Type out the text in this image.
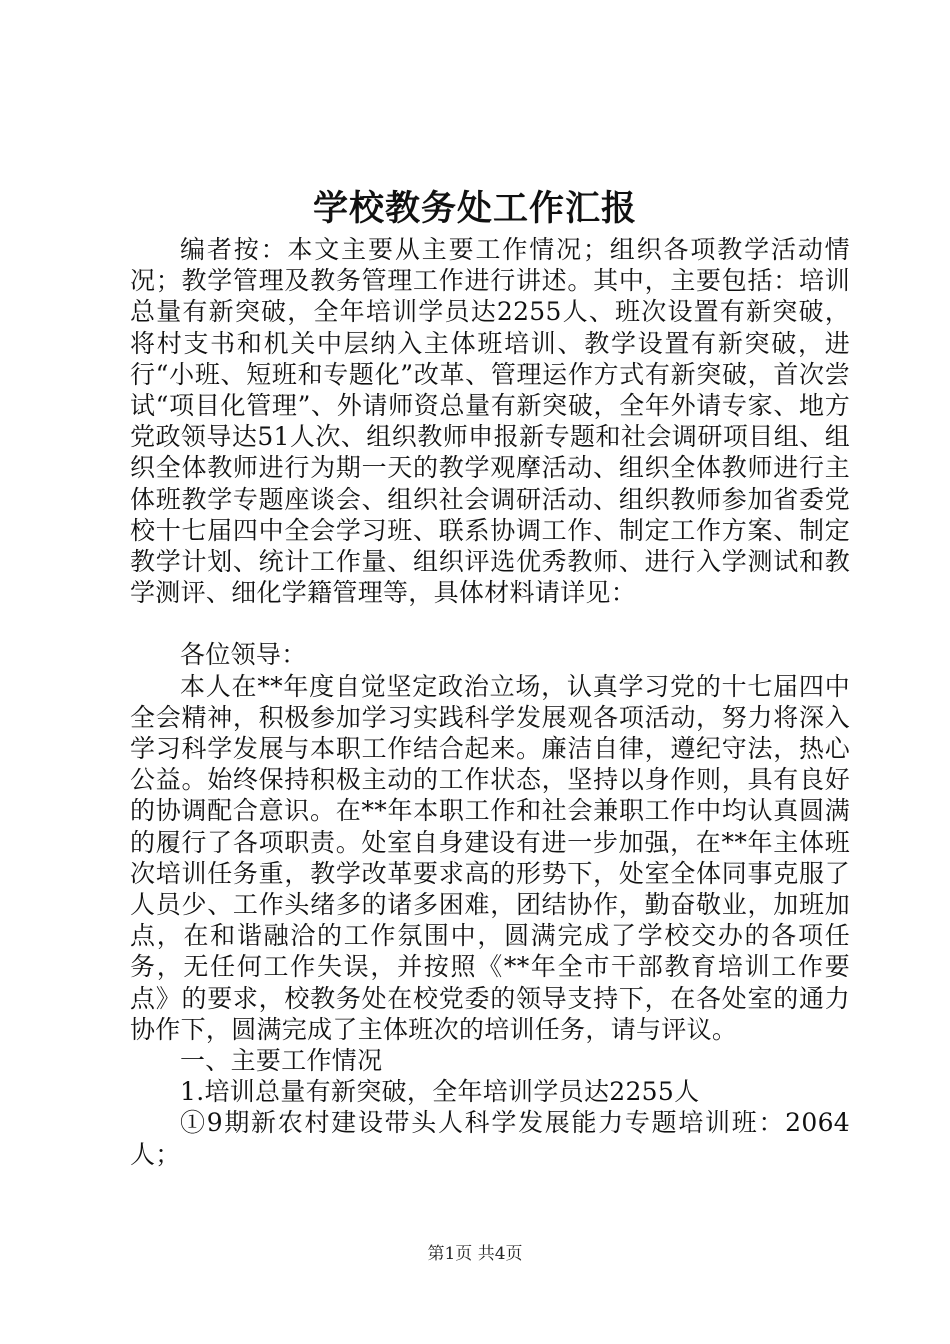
学校教务处工作汇报

编者按：本文主要从主要工作情况；组织各项教学活动情况；教学管理及教务管理工作进行讲述。其中，主要包括：培训总量有新突破，全年培训学员达2255人、班次设置有新突破，将村支书和机关中层纳入主体班培训、教学设置有新突破，进行“小班、短班和专题化”改革、管理运作方式有新突破，首次尝试“项目化管理”、外请师资总量有新突破，全年外请专家、地方党政领导达51人次、组织教师申报新专题和社会调研项目组、组织全体教师进行为期一天的教学观摩活动、组织全体教师进行主体班教学专题座谈会、组织社会调研活动、组织教师参加省委党校十七届四中全会学习班、联系协调工作、制定工作方案、制定教学计划、统计工作量、组织评选优秀教师、进行入学测试和教学测评、细化学籍管理等，具体材料请详见：

各位领导：

本人在**年度自觉坚定政治立场，认真学习党的十七届四中全会精神，积极参加学习实践科学发展观各项活动，努力将深入学习科学发展与本职工作结合起来。廉洁自律，遵纪守法，热心公益。始终保持积极主动的工作状态，坚持以身作则，具有良好的协调配合意识。在**年本职工作和社会兼职工作中均认真圆满的履行了各项职责。处室自身建设有进一步加强，在**年主体班次培训任务重，教学改革要求高的形势下，处室全体同事克服了人员少、工作头绪多的诸多困难，团结协作，勤奋敬业，加班加点，在和谐融洽的工作氛围中，圆满完成了学校交办的各项任务，无任何工作失误，并按照《**年全市干部教育培训工作要点》的要求，校教务处在校党委的领导支持下，在各处室的通力协作下，圆满完成了主体班次的培训任务，请与评议。

一、主要工作情况

1.培训总量有新突破，全年培训学员达2255人

①9期新农村建设带头人科学发展能力专题培训班：2064人；

第1页 共4页
